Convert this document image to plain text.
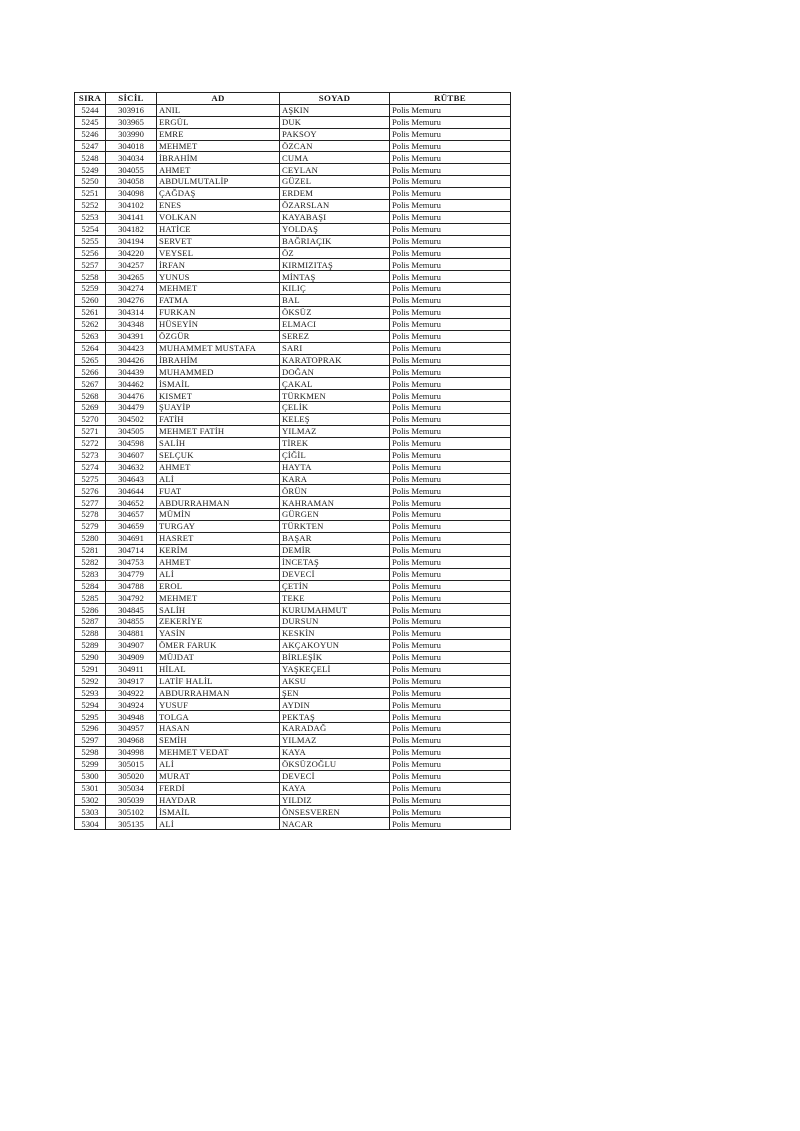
SIRA	SİCİL	AD	SOYAD	RÜTBE
5244	303916	ANIL	AŞKIN	Polis Memuru
5245	303965	ERGÜL	DUK	Polis Memuru
5246	303990	EMRE	PAKSOY	Polis Memuru
5247	304018	MEHMET	ÖZCAN	Polis Memuru
5248	304034	İBRAHİM	CUMA	Polis Memuru
5249	304055	AHMET	CEYLAN	Polis Memuru
5250	304058	ABDULMUTALİP	GÜZEL	Polis Memuru
5251	304098	ÇAĞDAŞ	ERDEM	Polis Memuru
5252	304102	ENES	ÖZARSLAN	Polis Memuru
5253	304141	VOLKAN	KAYABAŞI	Polis Memuru
5254	304182	HATİCE	YOLDAŞ	Polis Memuru
5255	304194	SERVET	BAĞRIAÇIK	Polis Memuru
5256	304220	VEYSEL	ÖZ	Polis Memuru
5257	304257	İRFAN	KIRMIZITAŞ	Polis Memuru
5258	304265	YUNUS	MİNTAŞ	Polis Memuru
5259	304274	MEHMET	KILIÇ	Polis Memuru
5260	304276	FATMA	BAL	Polis Memuru
5261	304314	FURKAN	ÖKSÜZ	Polis Memuru
5262	304348	HÜSEYİN	ELMACI	Polis Memuru
5263	304391	ÖZGÜR	SEREZ	Polis Memuru
5264	304423	MUHAMMET MUSTAFA	SARI	Polis Memuru
5265	304426	İBRAHİM	KARATOPRAK	Polis Memuru
5266	304439	MUHAMMED	DOĞAN	Polis Memuru
5267	304462	İSMAİL	ÇAKAL	Polis Memuru
5268	304476	KISMET	TÜRKMEN	Polis Memuru
5269	304479	ŞUAYİP	ÇELİK	Polis Memuru
5270	304502	FATİH	KELEŞ	Polis Memuru
5271	304505	MEHMET FATİH	YILMAZ	Polis Memuru
5272	304598	SALİH	TİREK	Polis Memuru
5273	304607	SELÇUK	ÇİĞİL	Polis Memuru
5274	304632	AHMET	HAYTA	Polis Memuru
5275	304643	ALİ	KARA	Polis Memuru
5276	304644	FUAT	ÖRÜN	Polis Memuru
5277	304652	ABDURRAHMAN	KAHRAMAN	Polis Memuru
5278	304657	MÜMİN	GÜRGEN	Polis Memuru
5279	304659	TURGAY	TÜRKTEN	Polis Memuru
5280	304691	HASRET	BAŞAR	Polis Memuru
5281	304714	KERİM	DEMİR	Polis Memuru
5282	304753	AHMET	İNCETAŞ	Polis Memuru
5283	304779	ALİ	DEVECİ	Polis Memuru
5284	304788	EROL	ÇETİN	Polis Memuru
5285	304792	MEHMET	TEKE	Polis Memuru
5286	304845	SALİH	KURUMAHMUT	Polis Memuru
5287	304855	ZEKERİYE	DURSUN	Polis Memuru
5288	304881	YASİN	KESKİN	Polis Memuru
5289	304907	ÖMER FARUK	AKÇAKOYUN	Polis Memuru
5290	304909	MÜJDAT	BİRLEŞİK	Polis Memuru
5291	304911	HİLAL	YAŞKEÇELİ	Polis Memuru
5292	304917	LATİF HALİL	AKSU	Polis Memuru
5293	304922	ABDURRAHMAN	ŞEN	Polis Memuru
5294	304924	YUSUF	AYDIN	Polis Memuru
5295	304948	TOLGA	PEKTAŞ	Polis Memuru
5296	304957	HASAN	KARADAĞ	Polis Memuru
5297	304968	SEMİH	YILMAZ	Polis Memuru
5298	304998	MEHMET VEDAT	KAYA	Polis Memuru
5299	305015	ALİ	ÖKSÜZOĞLU	Polis Memuru
5300	305020	MURAT	DEVECİ	Polis Memuru
5301	305034	FERDİ	KAYA	Polis Memuru
5302	305039	HAYDAR	YILDIZ	Polis Memuru
5303	305102	İSMAİL	ÖNSESVEREN	Polis Memuru
5304	305135	ALİ	NACAR	Polis Memuru
